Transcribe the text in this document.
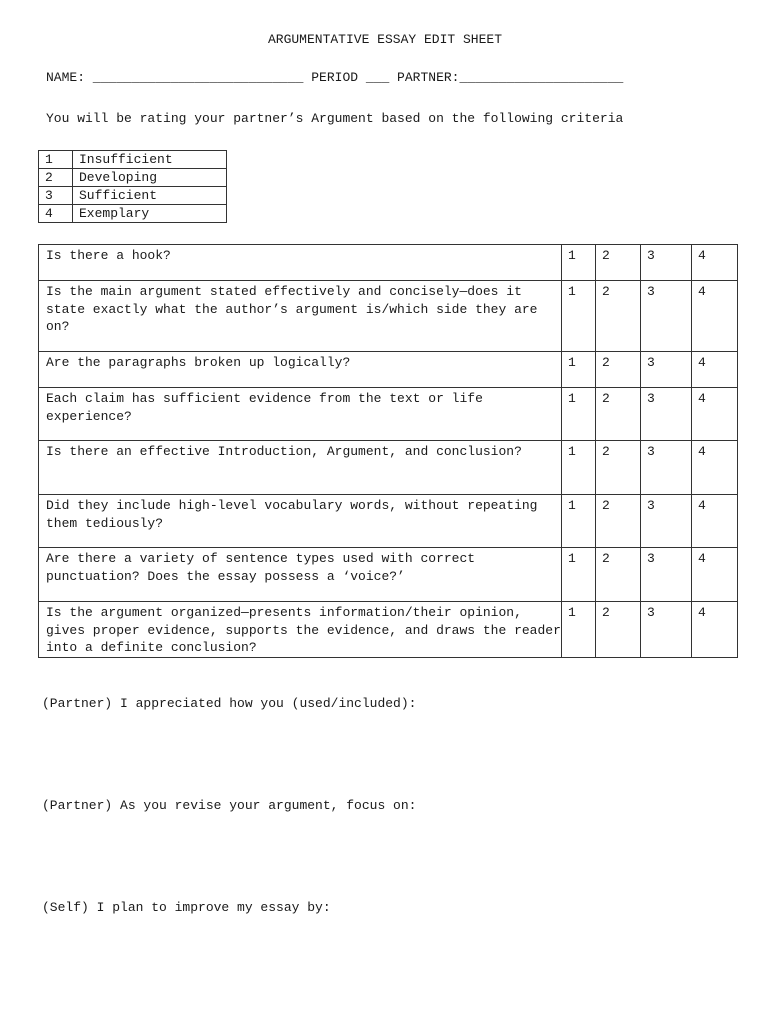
ARGUMENTATIVE ESSAY EDIT SHEET
NAME: ___________________________ PERIOD ___ PARTNER:_____________________
You will be rating your partner’s Argument based on the following criteria
1	Insufficient
2	Developing
3	Sufficient
4	Exemplary
Is there a hook?	1	2	3	4
Is the main argument stated effectively and concisely—does it state exactly what the author’s argument is/which side they are on?	1	2	3	4
Are the paragraphs broken up logically?	1	2	3	4
Each claim has sufficient evidence from the text or life experience?	1	2	3	4
Is there an effective Introduction, Argument, and conclusion?	1	2	3	4
Did they include high-level vocabulary words, without repeating them tediously?	1	2	3	4
Are there a variety of sentence types used with correct punctuation? Does the essay possess a ‘voice?’	1	2	3	4
Is the argument organized—presents information/their opinion, gives proper evidence, supports the evidence, and draws the reader into a definite conclusion?	1	2	3	4
(Partner) I appreciated how you (used/included):
(Partner) As you revise your argument, focus on:
(Self) I plan to improve my essay by:
